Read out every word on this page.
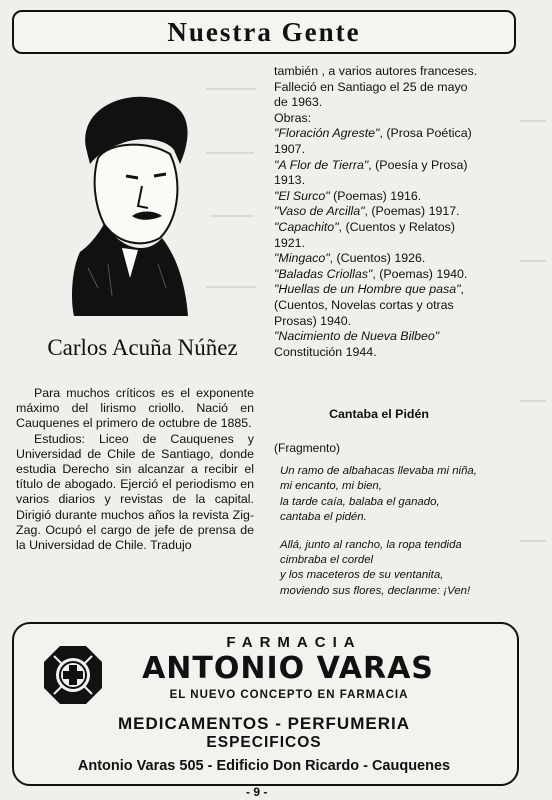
Nuestra Gente
Carlos Acuña Núñez

Para muchos críticos es el exponente máximo del lirismo criollo. Nació en Cauquenes el primero de octubre de 1885.

Estudios: Liceo de Cauquenes y Universidad de Chile de Santiago, donde estudia Derecho sin alcanzar a recibir el título de abogado. Ejerció el periodismo en varios diarios y revistas de la capital. Dirigió durante muchos años la revista Zig-Zag. Ocupó el cargo de jefe de prensa de la Universidad de Chile. Tradujo

también , a varios autores franceses.
Falleció en Santiago el 25 de mayo
de 1963.
Obras:
"Floración Agreste", (Prosa Poética)
1907.
"A Flor de Tierra", (Poesía y Prosa)
1913.
"El Surco" (Poemas) 1916.
"Vaso de Arcilla", (Poemas) 1917.
"Capachito", (Cuentos y Relatos)
1921.
"Mingaco", (Cuentos) 1926.
"Baladas Criollas", (Poemas) 1940.
"Huellas de un Hombre que pasa",
(Cuentos, Novelas cortas y otras
Prosas) 1940.
"Nacimiento de Nueva Bilbeo"
Constitución 1944.
Cantaba el Pidén
(Fragmento)
Un ramo de albahacas llevaba mi niña,
mi encanto, mi bien,
la tarde caía, balaba el ganado,
cantaba el pidén.
Allá, junto al rancho, la ropa tendida
cimbraba el cordel
y los maceteros de su ventanita,
moviendo sus flores, declanme: ¡Ven!
FARMACIA
ANTONIO VARAS
EL NUEVO CONCEPTO EN FARMACIA
MEDICAMENTOS - PERFUMERIA
ESPECIFICOS
Antonio Varas 505 - Edificio Don Ricardo - Cauquenes
- 9 -
